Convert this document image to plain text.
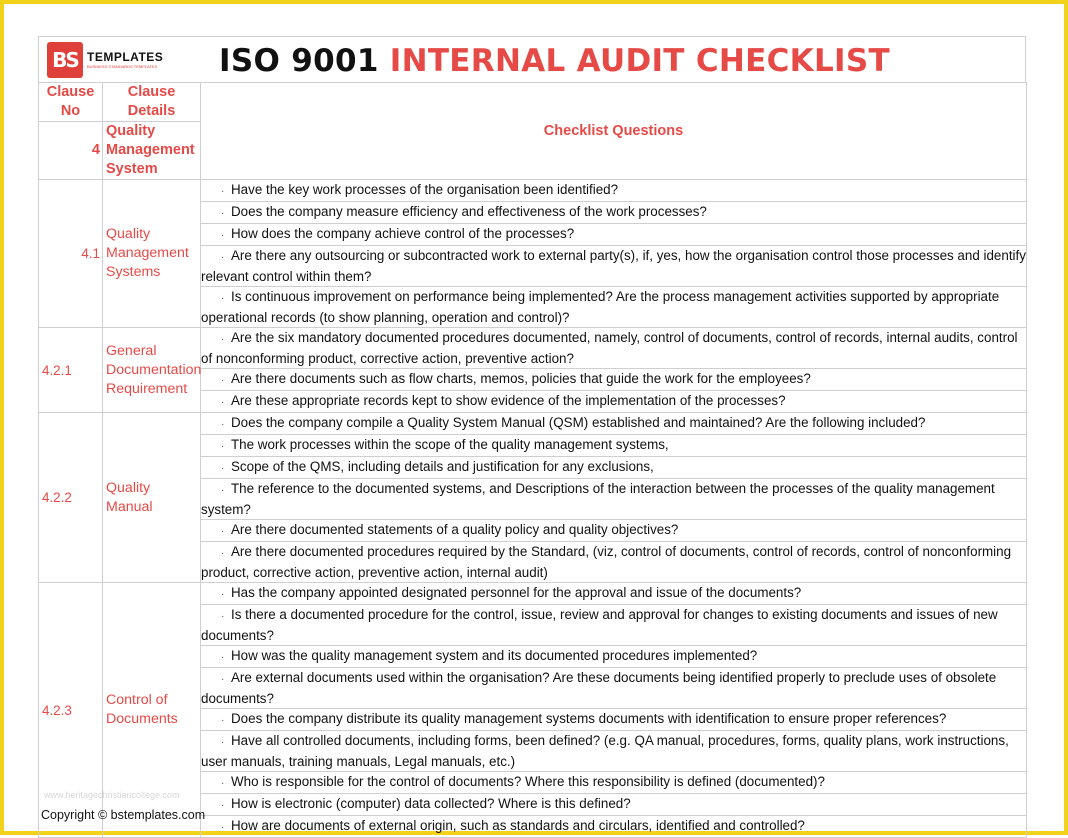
BS TEMPLATES
BUSINESS STANDARDS TEMPLATES ISO 9001 INTERNAL AUDIT CHECKLIST
Clause No	Clause Details	Checklist Questions
4	Quality Management System	
4.1	Quality Management Systems	· Have the key work processes of the organisation been identified?
		· Does the company measure efficiency and effectiveness of the work processes?
		· How does the company achieve control of the processes?
		· Are there any outsourcing or subcontracted work to external party(s), if, yes, how the organisation control those processes and identify relevant control within them?
		· Is continuous improvement on performance being implemented? Are the process management activities supported by appropriate operational records (to show planning, operation and control)?
4.2.1	General Documentation Requirement	· Are the six mandatory documented procedures documented, namely, control of documents, control of records, internal audits, control of nonconforming product, corrective action, preventive action?
		· Are there documents such as flow charts, memos, policies that guide the work for the employees?
		· Are these appropriate records kept to show evidence of the implementation of the processes?
4.2.2	Quality Manual	· Does the company compile a Quality System Manual (QSM) established and maintained? Are the following included?
		· The work processes within the scope of the quality management systems,
		· Scope of the QMS, including details and justification for any exclusions,
		· The reference to the documented systems, and Descriptions of the interaction between the processes of the quality management system?
		· Are there documented statements of a quality policy and quality objectives?
		· Are there documented procedures required by the Standard, (viz, control of documents, control of records, control of nonconforming product, corrective action, preventive action, internal audit)
4.2.3	Control of Documents	· Has the company appointed designated personnel for the approval and issue of the documents?
		· Is there a documented procedure for the control, issue, review and approval for changes to existing documents and issues of new documents?
		· How was the quality management system and its documented procedures implemented?
		· Are external documents used within the organisation? Are these documents being identified properly to preclude uses of obsolete documents?
		· Does the company distribute its quality management systems documents with identification to ensure proper references?
		· Have all controlled documents, including forms, been defined? (e.g. QA manual, procedures, forms, quality plans, work instructions, user manuals, training manuals, Legal manuals, etc.)
		· Who is responsible for the control of documents? Where this responsibility is defined (documented)?
		· How is electronic (computer) data collected? Where is this defined?
		· How are documents of external origin, such as standards and circulars, identified and controlled?
www.heritagechristiancollege.com
Copyright © bstemplates.com
